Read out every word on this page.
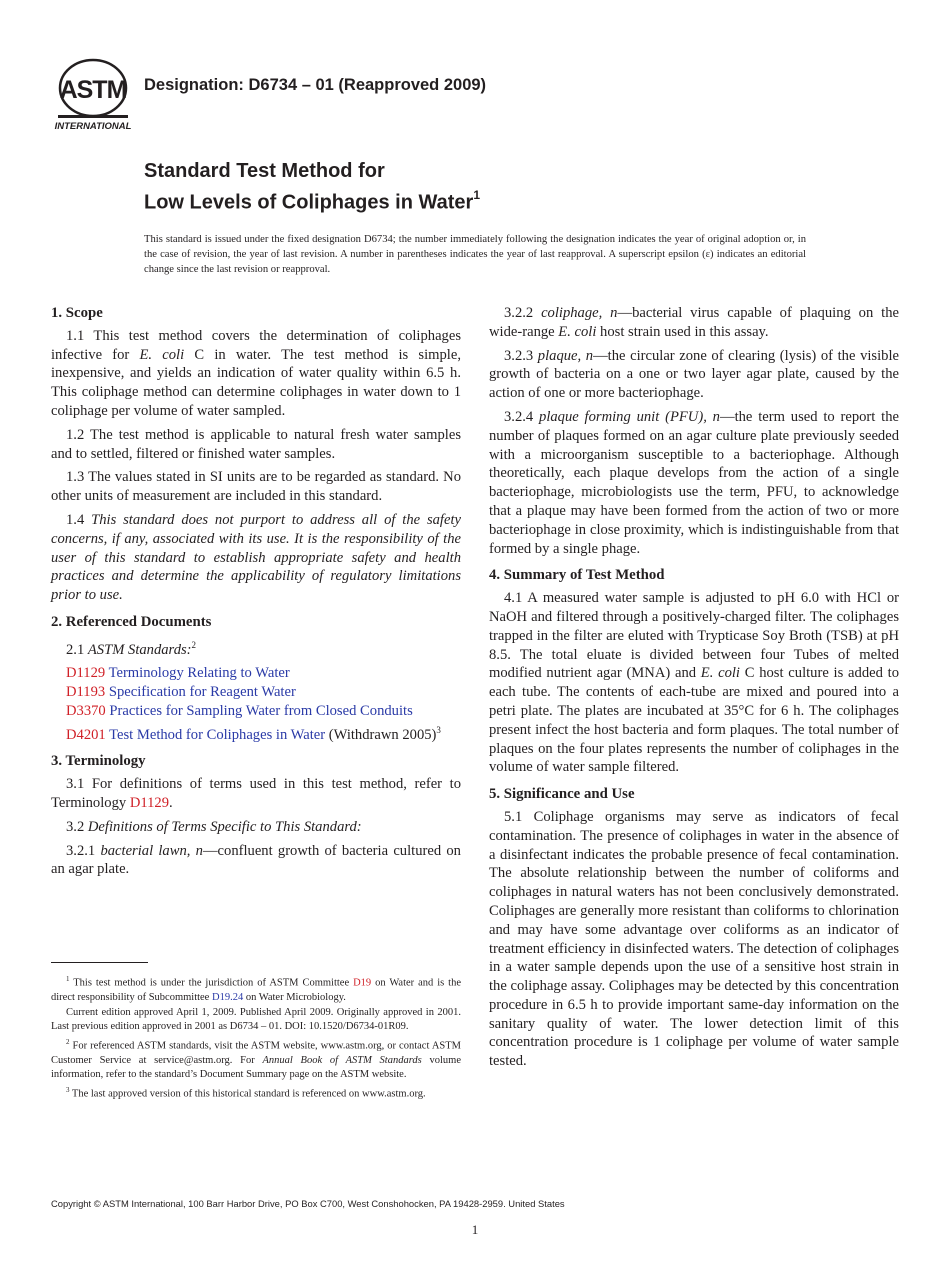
ASTM
INTERNATIONAL
Designation: D6734 – 01 (Reapproved 2009)
Standard Test Method for
Low Levels of Coliphages in Water$^1$
This standard is issued under the fixed designation D6734; the number immediately following the designation indicates the year of original adoption or, in the case of revision, the year of last revision. A number in parentheses indicates the year of last reapproval. A superscript epsilon (ε) indicates an editorial change since the last revision or reapproval.
1. Scope

1.1 This test method covers the determination of coliphages infective for E. coli C in water. The test method is simple, inexpensive, and yields an indication of water quality within 6.5 h. This coliphage method can determine coliphages in water down to 1 coliphage per volume of water sampled.

1.2 The test method is applicable to natural fresh water samples and to settled, filtered or finished water samples.

1.3 The values stated in SI units are to be regarded as standard. No other units of measurement are included in this standard.

1.4 This standard does not purport to address all of the safety concerns, if any, associated with its use. It is the responsibility of the user of this standard to establish appropriate safety and health practices and determine the applicability of regulatory limitations prior to use.

2. Referenced Documents

2.1 ASTM Standards:$^2$

D1129 Terminology Relating to Water
D1193 Specification for Reagent Water
D3370 Practices for Sampling Water from Closed Conduits
D4201 Test Method for Coliphages in Water (Withdrawn 2005)$^3$
3. Terminology

3.1 For definitions of terms used in this test method, refer to Terminology D1129.

3.2 Definitions of Terms Specific to This Standard:

3.2.1 bacterial lawn, n—confluent growth of bacteria cultured on an agar plate.

$^1$ This test method is under the jurisdiction of ASTM Committee D19 on Water and is the direct responsibility of Subcommittee D19.24 on Water Microbiology.

Current edition approved April 1, 2009. Published April 2009. Originally approved in 2001. Last previous edition approved in 2001 as D6734 – 01. DOI: 10.1520/D6734-01R09.

$^2$ For referenced ASTM standards, visit the ASTM website, www.astm.org, or contact ASTM Customer Service at service@astm.org. For Annual Book of ASTM Standards volume information, refer to the standard’s Document Summary page on the ASTM website.

$^3$ The last approved version of this historical standard is referenced on www.astm.org.

3.2.2 coliphage, n—bacterial virus capable of plaquing on the wide-range E. coli host strain used in this assay.

3.2.3 plaque, n—the circular zone of clearing (lysis) of the visible growth of bacteria on a one or two layer agar plate, caused by the action of one or more bacteriophage.

3.2.4 plaque forming unit (PFU), n—the term used to report the number of plaques formed on an agar culture plate previously seeded with a microorganism susceptible to a bacteriophage. Although theoretically, each plaque develops from the action of a single bacteriophage, microbiologists use the term, PFU, to acknowledge that a plaque may have been formed from the action of two or more bacteriophage in close proximity, which is indistinguishable from that formed by a single phage.

4. Summary of Test Method

4.1 A measured water sample is adjusted to pH 6.0 with HCl or NaOH and filtered through a positively-charged filter. The coliphages trapped in the filter are eluted with Trypticase Soy Broth (TSB) at pH 8.5. The total eluate is divided between four Tubes of melted modified nutrient agar (MNA) and E. coli C host culture is added to each tube. The contents of each-tube are mixed and poured into a petri plate. The plates are incubated at 35°C for 6 h. The coliphages present infect the host bacteria and form plaques. The total number of plaques on the four plates represents the number of coliphages in the volume of water sample filtered.

5. Significance and Use

5.1 Coliphage organisms may serve as indicators of fecal contamination. The presence of coliphages in water in the absence of a disinfectant indicates the probable presence of fecal contamination. The absolute relationship between the number of coliforms and coliphages in natural waters has not been conclusively demonstrated. Coliphages are generally more resistant than coliforms to chlorination and may have some advantage over coliforms as an indicator of treatment efficiency in disinfected waters. The detection of coliphages in a water sample depends upon the use of a sensitive host strain in the coliphage assay. Coliphages may be detected by this concentration procedure in 6.5 h to provide important same-day information on the sanitary quality of water. The lower detection limit of this concentration procedure is 1 coliphage per volume of water sample tested.

Copyright © ASTM International, 100 Barr Harbor Drive, PO Box C700, West Conshohocken, PA 19428-2959. United States
1
